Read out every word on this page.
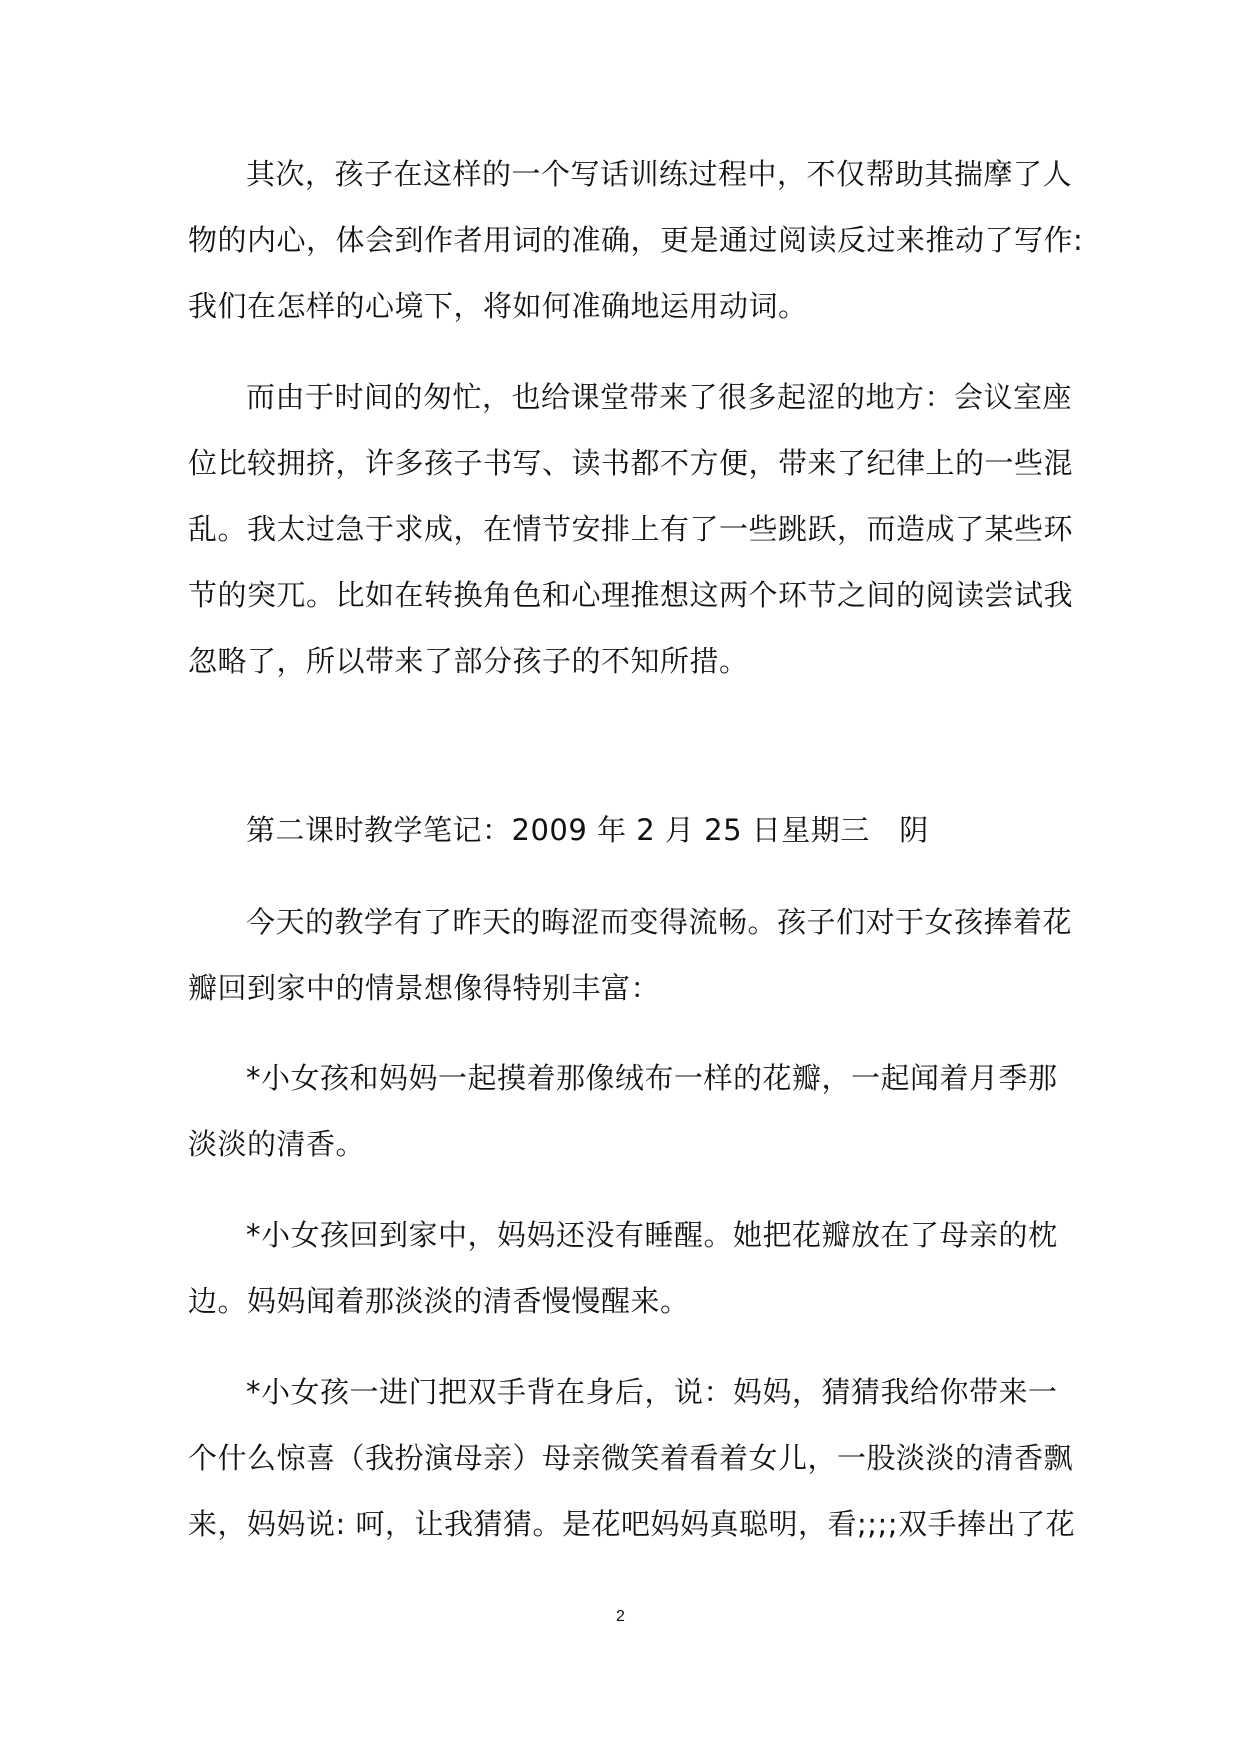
其次，孩子在这样的一个写话训练过程中，不仅帮助其揣摩了人
物的内心，体会到作者用词的准确，更是通过阅读反过来推动了写作:
我们在怎样的心境下，将如何准确地运用动词。
而由于时间的匆忙，也给课堂带来了很多起涩的地方：会议室座
位比较拥挤，许多孩子书写、读书都不方便，带来了纪律上的一些混
乱。我太过急于求成，在情节安排上有了一些跳跃，而造成了某些环
节的突兀。比如在转换角色和心理推想这两个环节之间的阅读尝试我
忽略了，所以带来了部分孩子的不知所措。
第二课时教学笔记：2009 年 2 月 25 日星期三　阴
今天的教学有了昨天的晦涩而变得流畅。孩子们对于女孩捧着花
瓣回到家中的情景想像得特别丰富：
*小女孩和妈妈一起摸着那像绒布一样的花瓣，一起闻着月季那
淡淡的清香。
*小女孩回到家中，妈妈还没有睡醒。她把花瓣放在了母亲的枕
边。妈妈闻着那淡淡的清香慢慢醒来。
*小女孩一进门把双手背在身后，说：妈妈，猜猜我给你带来一
个什么惊喜（我扮演母亲）母亲微笑着看着女儿，一股淡淡的清香飘
来，妈妈说: 呵，让我猜猜。是花吧妈妈真聪明，看;;;;双手捧出了花
2
